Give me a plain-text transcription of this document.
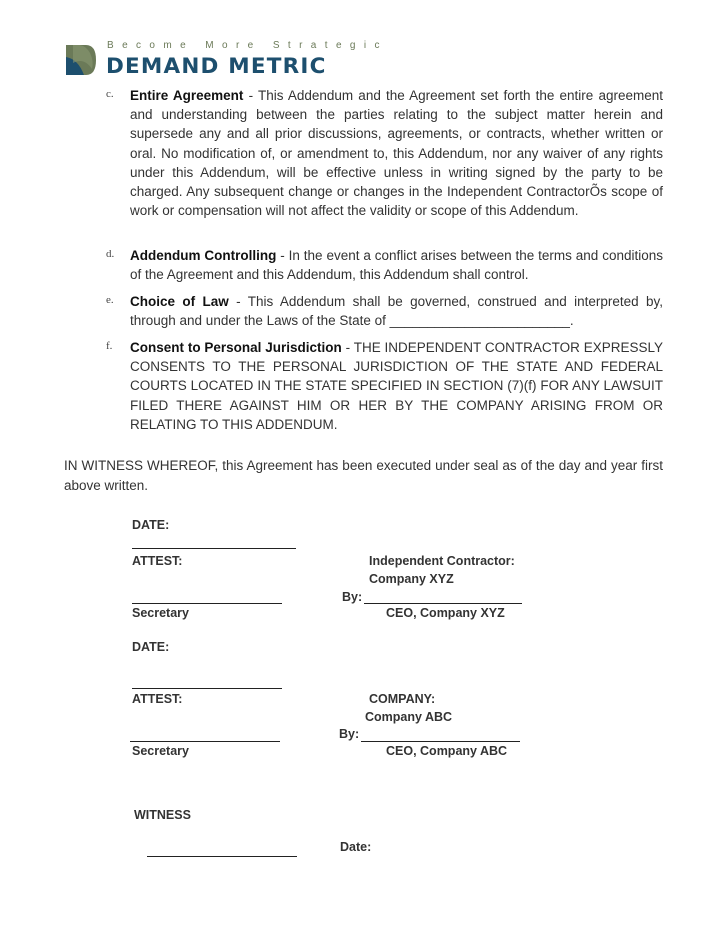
Become More Strategic
DEMAND METRIC
c. Entire Agreement - This Addendum and the Agreement set forth the entire agreement and understanding between the parties relating to the subject matter herein and supersede any and all prior discussions, agreements, or contracts, whether written or oral. No modification of, or amendment to, this Addendum, nor any waiver of any rights under this Addendum, will be effective unless in writing signed by the party to be charged. Any subsequent change or changes in the Independent ContractorÕs scope of work or compensation will not affect the validity or scope of this Addendum.
d. Addendum Controlling - In the event a conflict arises between the terms and conditions of the Agreement and this Addendum, this Addendum shall control.
e. Choice of Law - This Addendum shall be governed, construed and interpreted by, through and under the Laws of the State of ________________________.
f. Consent to Personal Jurisdiction - THE INDEPENDENT CONTRACTOR EXPRESSLY CONSENTS TO THE PERSONAL JURISDICTION OF THE STATE AND FEDERAL COURTS LOCATED IN THE STATE SPECIFIED IN SECTION (7)(f) FOR ANY LAWSUIT FILED THERE AGAINST HIM OR HER BY THE COMPANY ARISING FROM OR RELATING TO THIS ADDENDUM.
IN WITNESS WHEREOF, this Agreement has been executed under seal as of the day and year first above written.
DATE:
ATTEST:	Independent Contractor:
Company XYZ
By:
Secretary	CEO, Company XYZ
DATE:
ATTEST:	COMPANY:
Company ABC
By:
Secretary	CEO, Company ABC
WITNESS
Date:
